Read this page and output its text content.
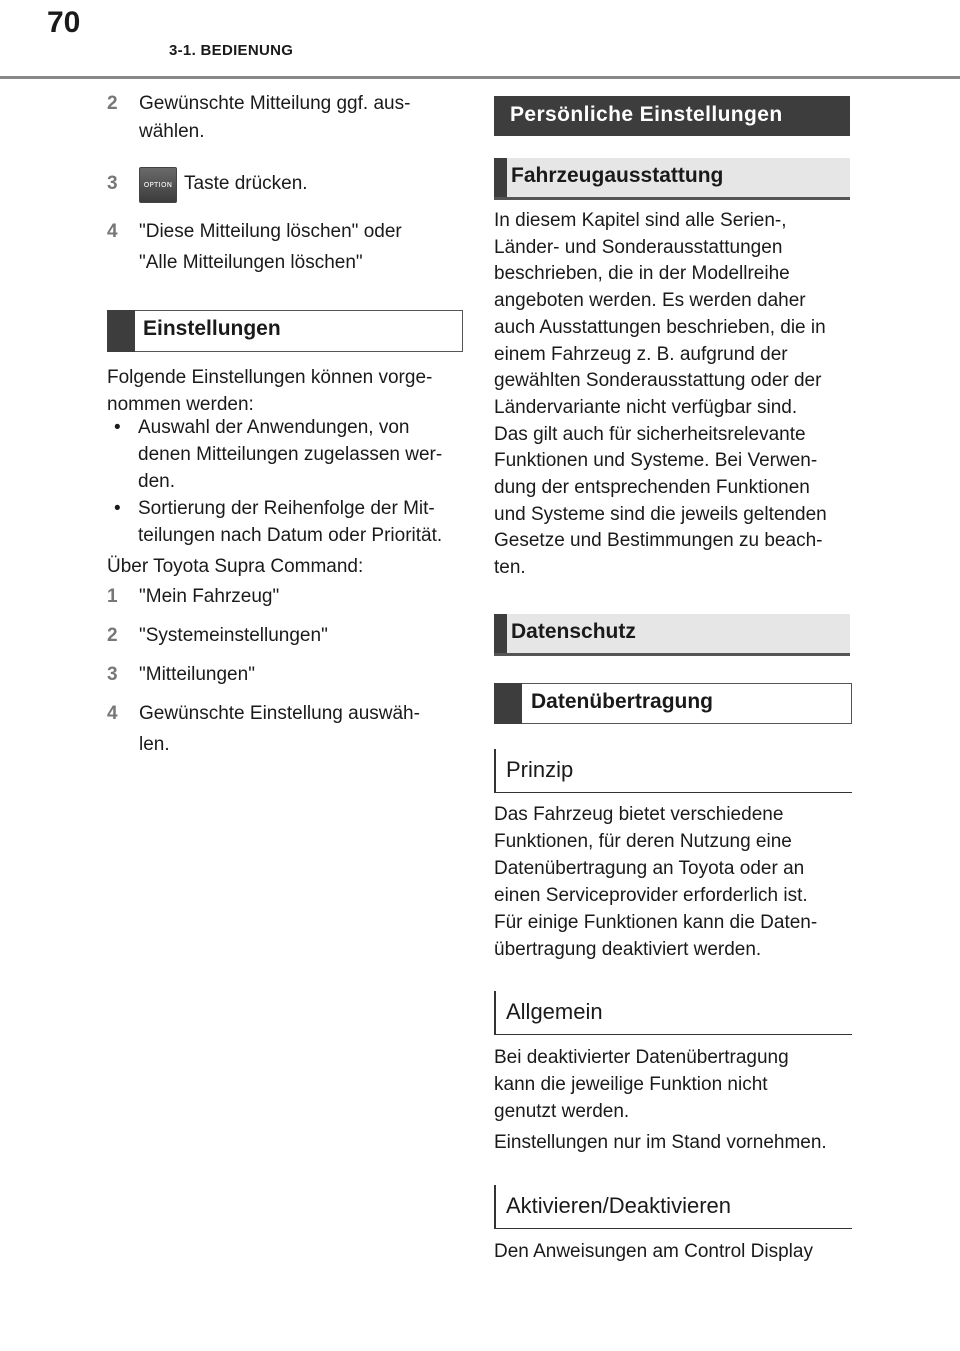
70
3-1. BEDIENUNG
2 Gewünschte Mitteilung ggf. aus-
wählen.
3	OPTION Taste drücken.
4 "Diese Mitteilung löschen" oder
"Alle Mitteilungen löschen"
Einstellungen
Folgende Einstellungen können vorge-
nommen werden:
• Auswahl der Anwendungen, von
denen Mitteilungen zugelassen wer-
den.
• Sortierung der Reihenfolge der Mit-
teilungen nach Datum oder Priorität.
Über Toyota Supra Command:
1 "Mein Fahrzeug"
2 "Systemeinstellungen"
3 "Mitteilungen"
4 Gewünschte Einstellung auswäh-
len.
Persönliche Einstellungen
Fahrzeugausstattung
In diesem Kapitel sind alle Serien-,
Länder- und Sonderausstattungen
beschrieben, die in der Modellreihe
angeboten werden. Es werden daher
auch Ausstattungen beschrieben, die in
einem Fahrzeug z. B. aufgrund der
gewählten Sonderausstattung oder der
Ländervariante nicht verfügbar sind.
Das gilt auch für sicherheitsrelevante
Funktionen und Systeme. Bei Verwen-
dung der entsprechenden Funktionen
und Systeme sind die jeweils geltenden
Gesetze und Bestimmungen zu beach-
ten.
Datenschutz
Datenübertragung
Prinzip
Das Fahrzeug bietet verschiedene
Funktionen, für deren Nutzung eine
Datenübertragung an Toyota oder an
einen Serviceprovider erforderlich ist.
Für einige Funktionen kann die Daten-
übertragung deaktiviert werden.
Allgemein
Bei deaktivierter Datenübertragung
kann die jeweilige Funktion nicht
genutzt werden.
Einstellungen nur im Stand vornehmen.
Aktivieren/Deaktivieren
Den Anweisungen am Control Display
